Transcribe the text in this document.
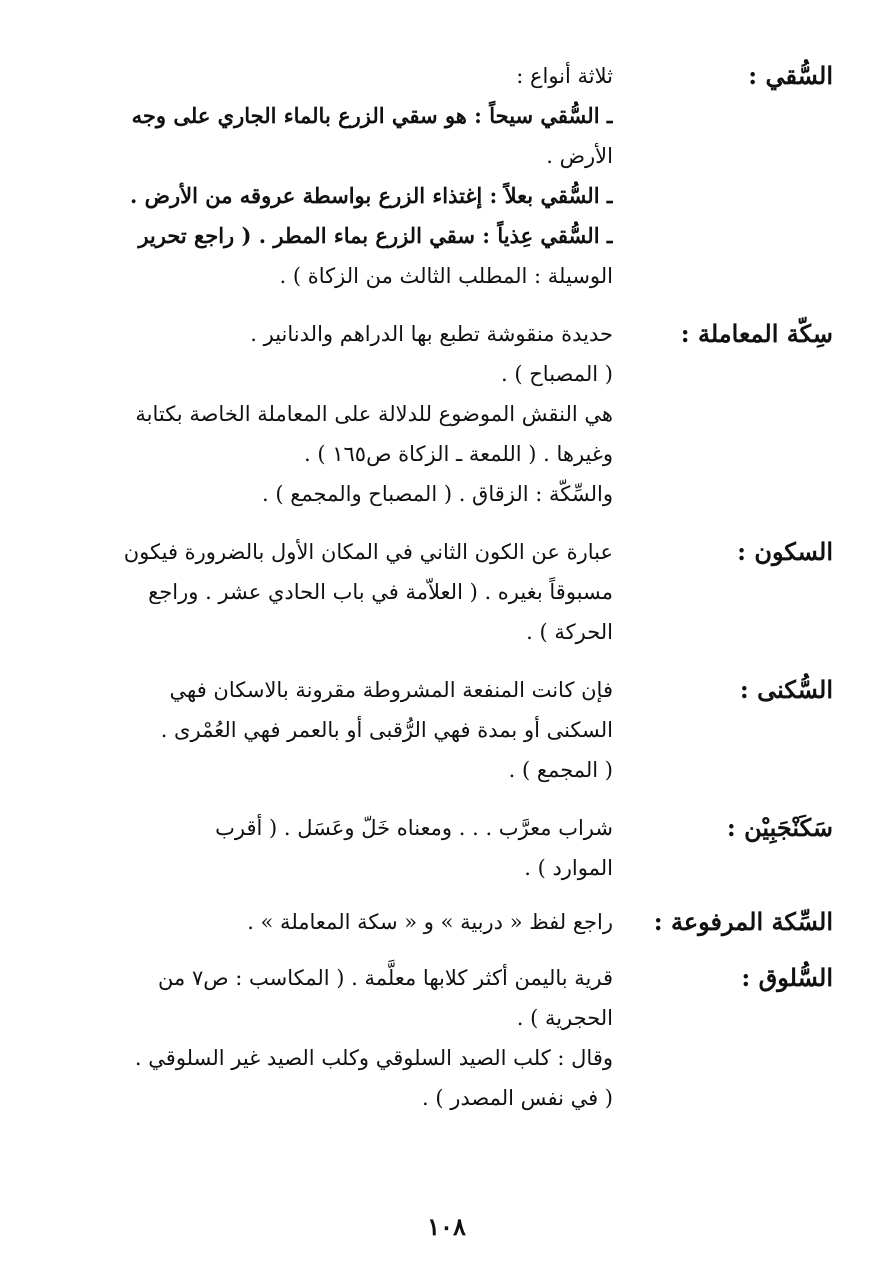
السُّقي :
ثلاثة أنواع :
ـ السُّقي سيحاً : هو سقي الزرع بالماء الجاري على وجه
الأرض .
ـ السُّقي بعلاً : إغتذاء الزرع بواسطة عروقه من الأرض .
ـ السُّقي عِذياً : سقي الزرع بماء المطر . ( راجع تحرير
الوسيلة : المطلب الثالث من الزكاة ) .
سِكّة المعاملة :
حديدة منقوشة تطبع بها الدراهم والدنانير .
( المصباح ) .
هي النقش الموضوع للدلالة على المعاملة الخاصة بكتابة
وغيرها . ( اللمعة ـ الزكاة ص١٦٥ ) .
والسِّكّة : الزقاق . ( المصباح والمجمع ) .
السكون :
عبارة عن الكون الثاني في المكان الأول بالضرورة فيكون
مسبوقاً بغيره . ( العلاّمة في باب الحادي عشر . وراجع
الحركة ) .
السُّكنى :
فإن كانت المنفعة المشروطة مقرونة بالاسكان فهي
السكنى أو بمدة فهي الرُّقبى أو بالعمر فهي العُمْرى .
( المجمع ) .
سَكَنْجَبِيْن :
شراب معرَّب . . . ومعناه خَلّ وعَسَل . ( أقرب
الموارد ) .
السِّكة المرفوعة :
راجع لفظ « دربية » و « سكة المعاملة » .
السُّلوق :
قرية باليمن أكثر كلابها معلَّمة . ( المكاسب : ص٧ من
الحجرية ) .
وقال : كلب الصيد السلوقي وكلب الصيد غير السلوقي .
( في نفس المصدر ) .
١٠٨
